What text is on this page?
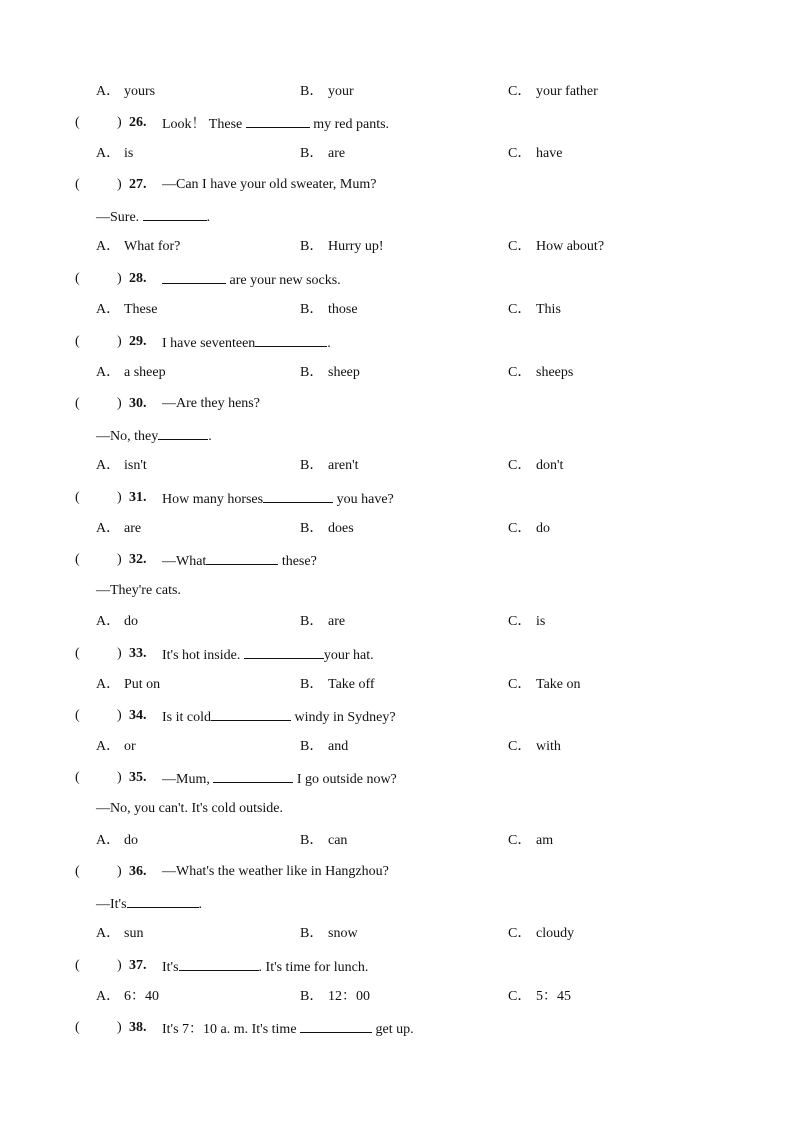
A． yours	B． your	C． your father
(	) 26. Look！ These	my red pants.
A． is	B． are	C． have
(	) 27. —Can I have your old sweater, Mum?
—Sure.	.
A． What for?	B． Hurry up!	C． How about?
(	) 28.	are your new socks.
A． These	B． those	C． This
(	) 29. I have seventeen	.
A． a sheep	B． sheep	C． sheeps
(	) 30. —Are they hens?
—No, they	.
A． isn't	B． aren't	C． don't
(	) 31. How many horses	you have?
A． are	B． does	C． do
(	) 32. —What	these?
—They're cats.
A． do	B． are	C． is
(	) 33. It's hot inside.	your hat.
A． Put on	B． Take off	C． Take on
(	) 34. Is it cold	windy in Sydney?
A． or	B． and	C． with
(	) 35. —Mum,	I go outside now?
—No, you can't. It's cold outside.
A． do	B． can	C． am
(	) 36. —What's the weather like in Hangzhou?
—It's	.
A． sun	B． snow	C． cloudy
(	) 37. It's	. It's time for lunch.
A． 6：40	B． 12：00	C． 5：45
(	) 38. It's 7：10 a. m. It's time	get up.
